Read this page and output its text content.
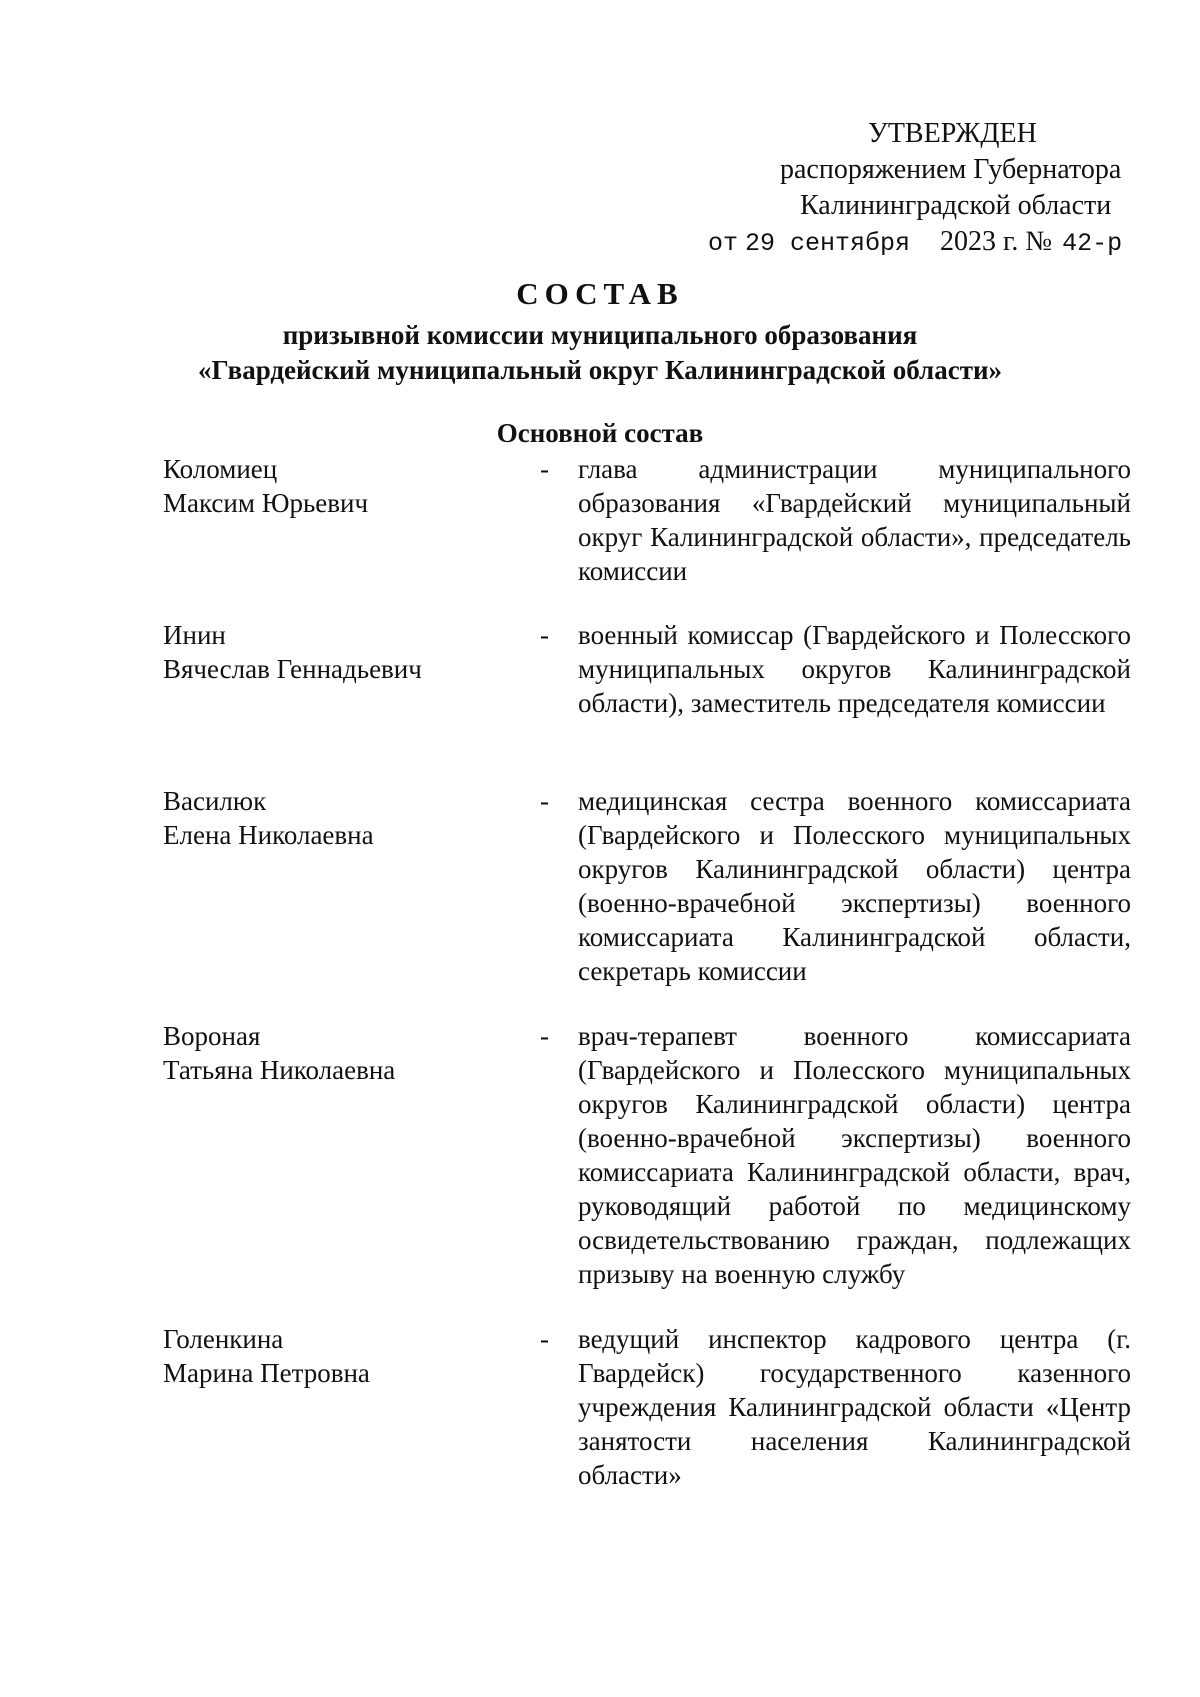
УТВЕРЖДЕН
распоряжением Губернатора
Калининградской области
от 29 сентября 2023 г. № 42-р
СОСТАВ
призывной комиссии муниципального образования
«Гвардейский муниципальный округ Калининградской области»
Основной состав
Коломиец
Максим Юрьевич
- глава администрации муниципального образования «Гвардейский муниципальный округ Калининградской области», председатель комиссии
Инин
Вячеслав Геннадьевич
- военный комиссар (Гвардейского и Полесского муниципальных округов Калининградской области), заместитель председателя комиссии
Василюк
Елена Николаевна
- медицинская сестра военного комиссариата (Гвардейского и Полесского муниципальных округов Калининградской области) центра (военно-врачебной экспертизы) военного комиссариата Калининградской области, секретарь комиссии
Вороная
Татьяна Николаевна
- врач-терапевт военного комиссариата (Гвардейского и Полесского муниципальных округов Калининградской области) центра (военно-врачебной экспертизы) военного комиссариата Калининградской области, врач, руководящий работой по медицинскому освидетельствованию граждан, подлежащих призыву на военную службу
Голенкина
Марина Петровна
- ведущий инспектор кадрового центра (г. Гвардейск) государственного казенного учреждения Калининградской области «Центр занятости населения Калининградской области»
